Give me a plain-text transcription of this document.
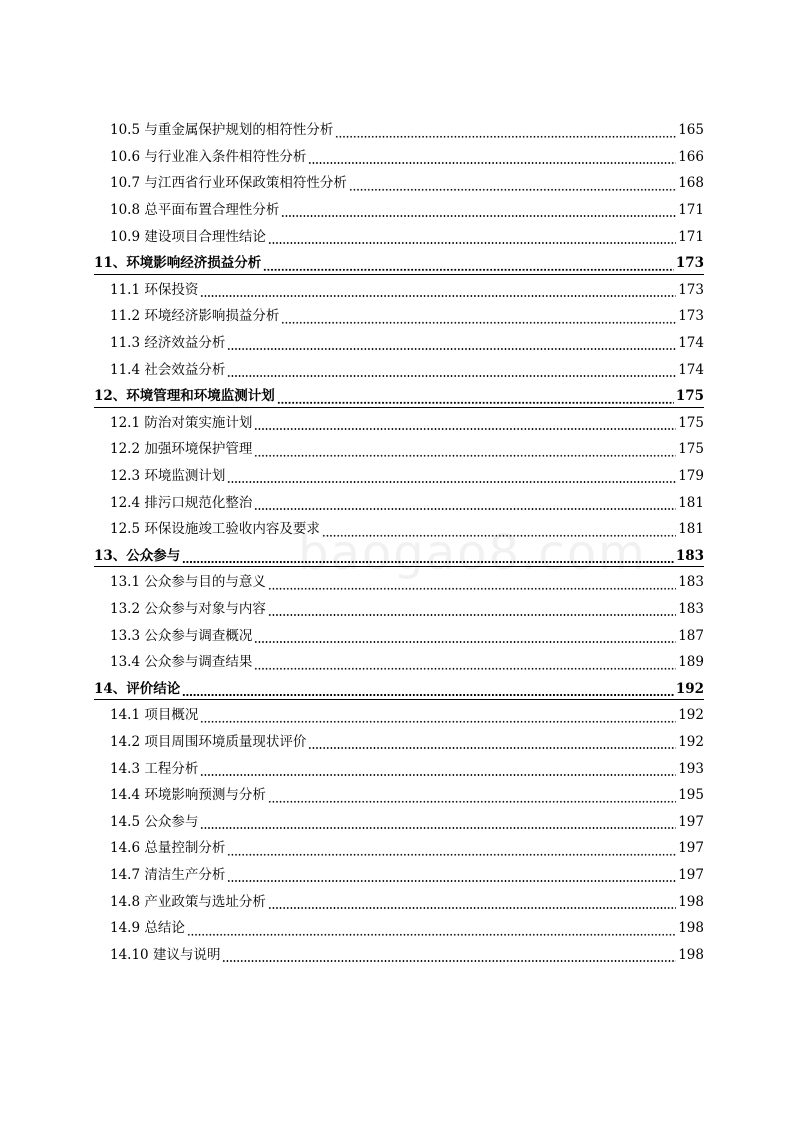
10.5 与重金属保护规划的相符性分析	165
10.6 与行业准入条件相符性分析	166
10.7 与江西省行业环保政策相符性分析	168
10.8 总平面布置合理性分析	171
10.9 建设项目合理性结论	171
11、环境影响经济损益分析	173
11.1 环保投资	173
11.2 环境经济影响损益分析	173
11.3 经济效益分析	174
11.4 社会效益分析	174
12、环境管理和环境监测计划	175
12.1 防治对策实施计划	175
12.2 加强环境保护管理	175
12.3 环境监测计划	179
12.4 排污口规范化整治	181
12.5 环保设施竣工验收内容及要求	181
13、公众参与	183
13.1 公众参与目的与意义	183
13.2 公众参与对象与内容	183
13.3 公众参与调查概况	187
13.4 公众参与调查结果	189
14、评价结论	192
14.1 项目概况	192
14.2 项目周围环境质量现状评价	192
14.3 工程分析	193
14.4 环境影响预测与分析	195
14.5 公众参与	197
14.6 总量控制分析	197
14.7 清洁生产分析	197
14.8 产业政策与选址分析	198
14.9 总结论	198
14.10 建议与说明	198
